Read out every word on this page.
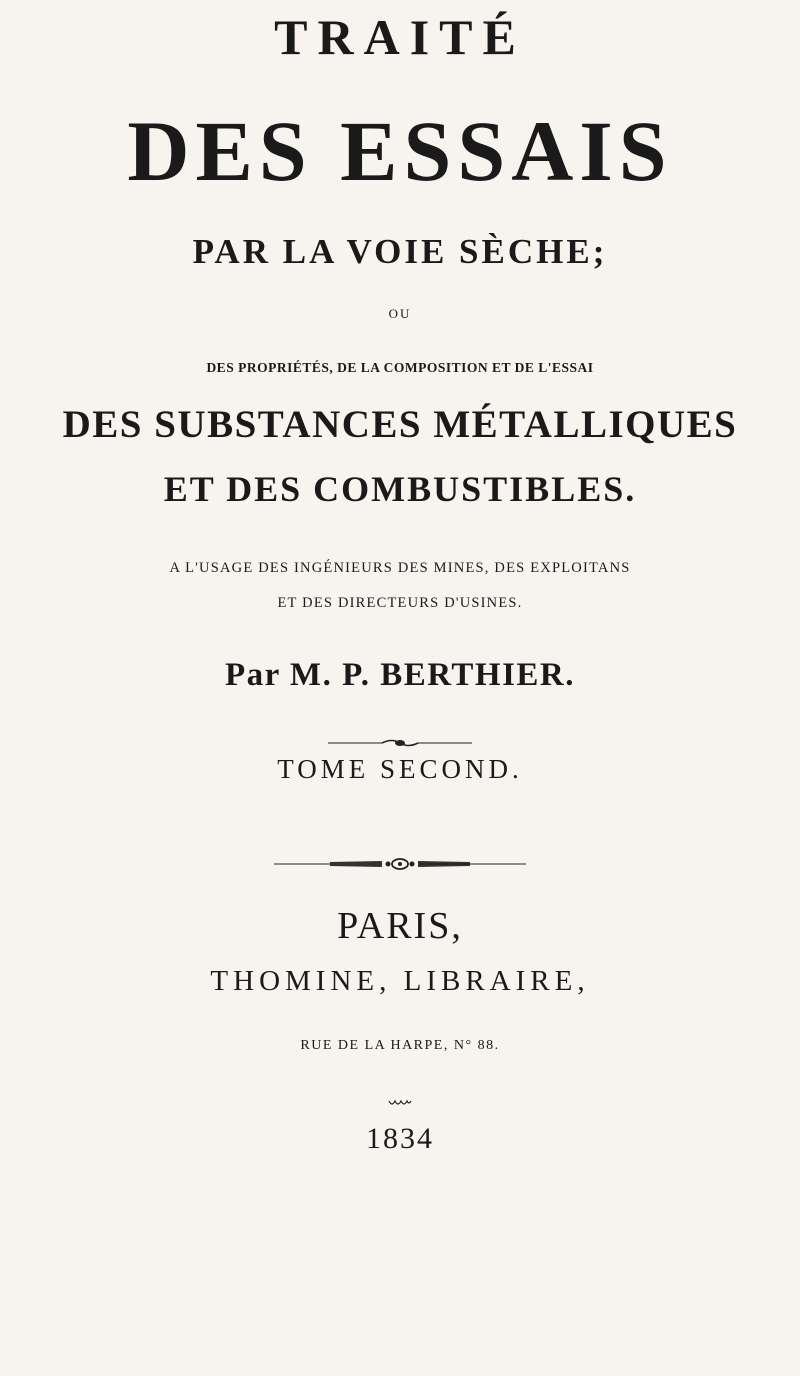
TRAITÉ
DES ESSAIS
PAR LA VOIE SÈCHE;
OU
DES PROPRIÉTÉS, DE LA COMPOSITION ET DE L'ESSAI
DES SUBSTANCES MÉTALLIQUES
ET DES COMBUSTIBLES.
A L'USAGE DES INGÉNIEURS DES MINES, DES EXPLOITANS
ET DES DIRECTEURS D'USINES.
Par M. P. BERTHIER.
TOME SECOND.
PARIS,
THOMINE, LIBRAIRE,
RUE DE LA HARPE, N° 88.
1834
